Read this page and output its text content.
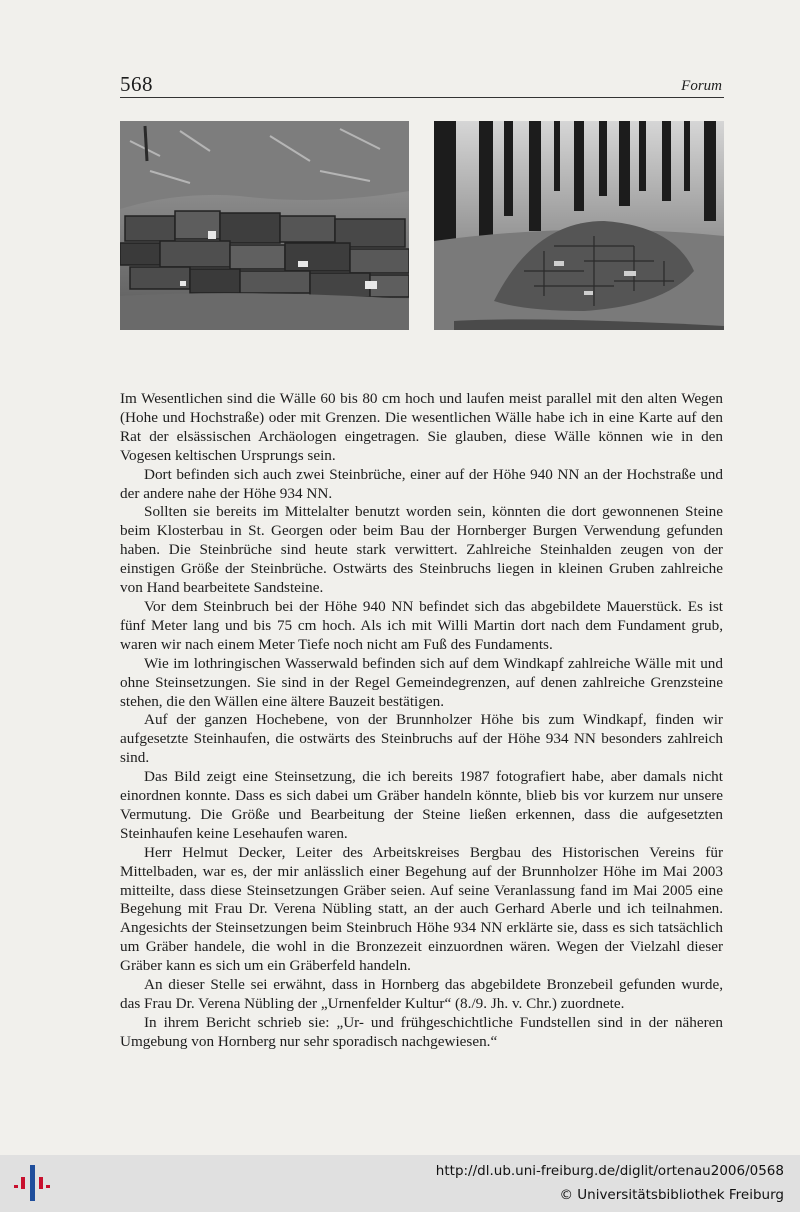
568	Forum

Im Wesentlichen sind die Wälle 60 bis 80 cm hoch und laufen meist parallel mit den alten Wegen (Hohe und Hochstraße) oder mit Grenzen. Die wesentlichen Wälle habe ich in eine Karte auf den Rat der elsässischen Archäologen eingetragen. Sie glauben, diese Wälle können wie in den Vogesen keltischen Ursprungs sein.

Dort befinden sich auch zwei Steinbrüche, einer auf der Höhe 940 NN an der Hochstraße und der andere nahe der Höhe 934 NN.

Sollten sie bereits im Mittelalter benutzt worden sein, könnten die dort gewonnenen Steine beim Klosterbau in St. Georgen oder beim Bau der Hornberger Burgen Verwendung gefunden haben. Die Steinbrüche sind heute stark verwittert. Zahlreiche Steinhalden zeugen von der einstigen Größe der Steinbrüche. Ostwärts des Steinbruchs liegen in kleinen Gruben zahlreiche von Hand bearbeitete Sandsteine.

Vor dem Steinbruch bei der Höhe 940 NN befindet sich das abgebildete Mauerstück. Es ist fünf Meter lang und bis 75 cm hoch. Als ich mit Willi Martin dort nach dem Fundament grub, waren wir nach einem Meter Tiefe noch nicht am Fuß des Fundaments.

Wie im lothringischen Wasserwald befinden sich auf dem Windkapf zahlreiche Wälle mit und ohne Steinsetzungen. Sie sind in der Regel Gemeindegrenzen, auf denen zahlreiche Grenzsteine stehen, die den Wällen eine ältere Bauzeit bestätigen.

Auf der ganzen Hochebene, von der Brunnholzer Höhe bis zum Windkapf, finden wir aufgesetzte Steinhaufen, die ostwärts des Steinbruchs auf der Höhe 934 NN besonders zahlreich sind.

Das Bild zeigt eine Steinsetzung, die ich bereits 1987 fotografiert habe, aber damals nicht einordnen konnte. Dass es sich dabei um Gräber handeln könnte, blieb bis vor kurzem nur unsere Vermutung. Die Größe und Bearbeitung der Steine ließen erkennen, dass die aufgesetzten Steinhaufen keine Lesehaufen waren.

Herr Helmut Decker, Leiter des Arbeitskreises Bergbau des Historischen Vereins für Mittelbaden, war es, der mir anlässlich einer Begehung auf der Brunnholzer Höhe im Mai 2003 mitteilte, dass diese Steinsetzungen Gräber seien. Auf seine Veranlassung fand im Mai 2005 eine Begehung mit Frau Dr. Verena Nübling statt, an der auch Gerhard Aberle und ich teilnahmen. Angesichts der Steinsetzungen beim Steinbruch Höhe 934 NN erklärte sie, dass es sich tatsächlich um Gräber handele, die wohl in die Bronzezeit einzuordnen wären. Wegen der Vielzahl dieser Gräber kann es sich um ein Gräberfeld handeln.

An dieser Stelle sei erwähnt, dass in Hornberg das abgebildete Bronzebeil gefunden wurde, das Frau Dr. Verena Nübling der „Urnenfelder Kultur“ (8./9. Jh. v. Chr.) zuordnete.

In ihrem Bericht schrieb sie: „Ur- und frühgeschichtliche Fundstellen sind in der näheren Umgebung von Hornberg nur sehr sporadisch nachgewiesen.“

http://dl.ub.uni-freiburg.de/diglit/ortenau2006/0568
© Universitätsbibliothek Freiburg
